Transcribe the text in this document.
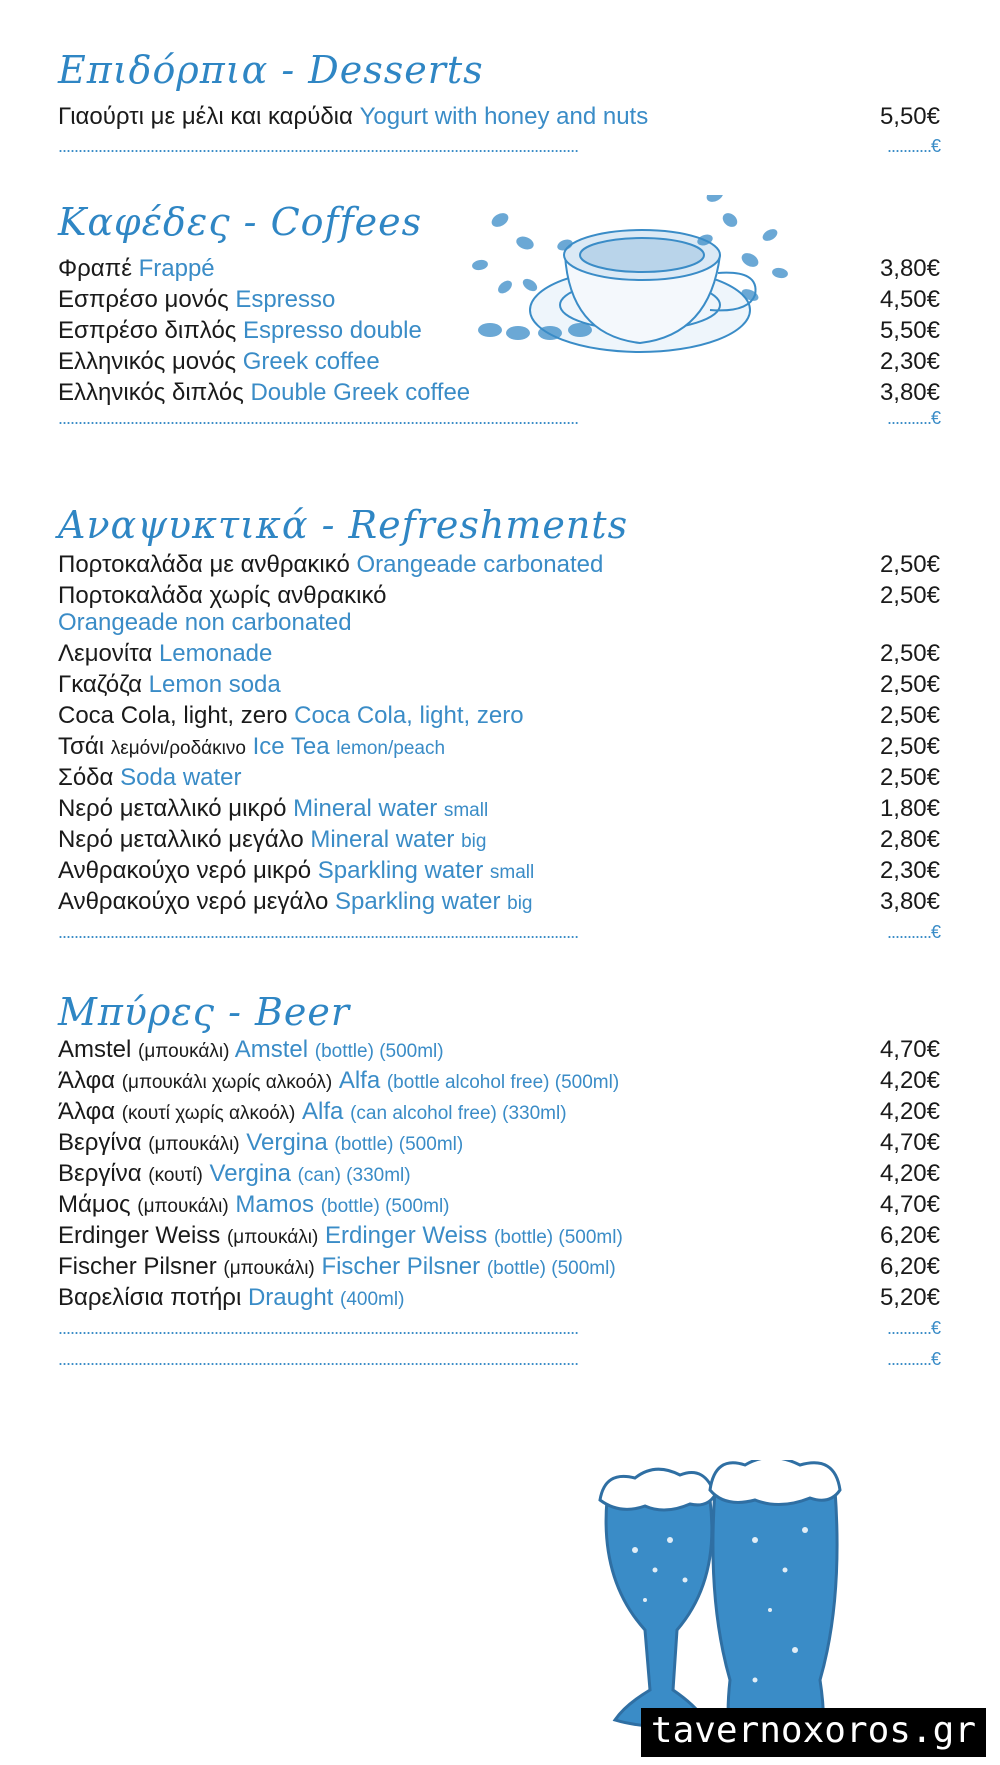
Επιδόρπια - Desserts
Γιαούρτι με μέλι και καρύδια Yogurt with honey and nuts	5,50€
..................................................................................................................................	...........€
Καφέδες - Coffees
Φραπέ Frappé	3,80€
Εσπρέσο μονός Espresso	4,50€
Εσπρέσο διπλός Espresso double	5,50€
Ελληνικός μονός Greek coffee	2,30€
Ελληνικός διπλός Double Greek coffee	3,80€
..................................................................................................................................	...........€
Αναψυκτικά - Refreshments
Πορτοκαλάδα με ανθρακικό Orangeade carbonated	2,50€
Πορτοκαλάδα χωρίς ανθρακικό	2,50€
Orangeade non carbonated
Λεμονίτα Lemonade	2,50€
Γκαζόζα Lemon soda	2,50€
Coca Cola, light, zero Coca Cola, light, zero	2,50€
Τσάι λεμόνι/ροδάκινο Ice Tea lemon/peach	2,50€
Σόδα Soda water	2,50€
Νερό μεταλλικό μικρό Mineral water small	1,80€
Νερό μεταλλικό μεγάλο Mineral water big	2,80€
Ανθρακούχο νερό μικρό Sparkling water small	2,30€
Ανθρακούχο νερό μεγάλο Sparkling water big	3,80€
..................................................................................................................................	...........€
Μπύρες - Beer
Amstel (μπουκάλι) Amstel (bottle) (500ml)	4,70€
Άλφα (μπουκάλι χωρίς αλκοόλ) Alfa (bottle alcohol free) (500ml)	4,20€
Άλφα (κουτί χωρίς αλκοόλ) Alfa (can alcohol free) (330ml)	4,20€
Βεργίνα (μπουκάλι) Vergina (bottle) (500ml)	4,70€
Βεργίνα (κουτί) Vergina (can) (330ml)	4,20€
Μάμος (μπουκάλι) Mamos (bottle) (500ml)	4,70€
Erdinger Weiss (μπουκάλι) Erdinger Weiss (bottle) (500ml)	6,20€
Fischer Pilsner (μπουκάλι) Fischer Pilsner (bottle) (500ml)	6,20€
Βαρελίσια ποτήρι Draught (400ml)	5,20€
..................................................................................................................................	...........€
..................................................................................................................................	...........€
tavernoxoros.gr
